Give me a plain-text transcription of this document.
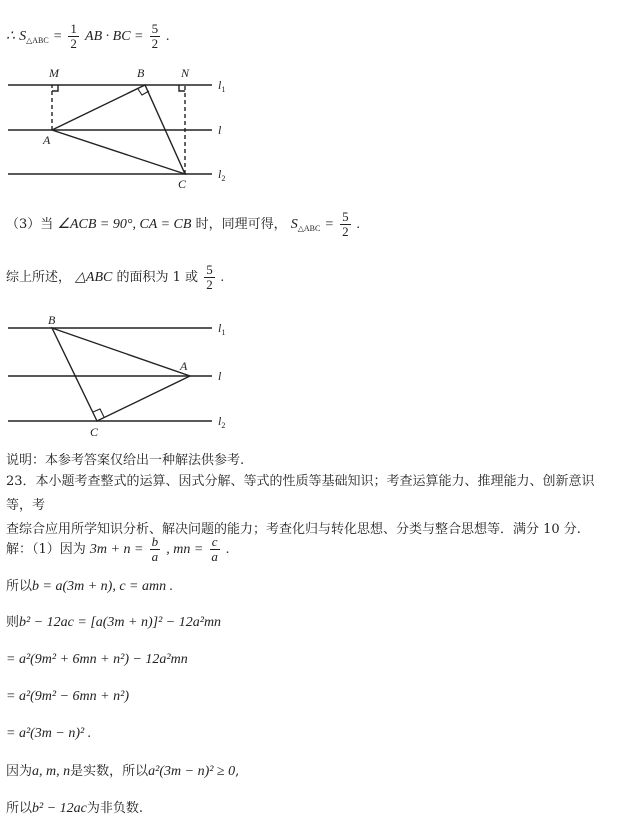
∴ $S_{\triangle ABC} = \frac{1}{2}$ AB · BC = $\frac{5}{2}$ .
M	B	N
A
C
$l_1$
l
$l_2$
（3）当 ∠ACB = 90°, CA = CB 时，同理可得， $S_{\triangle ABC} = \frac{5}{2}$ .
综上所述， △ABC 的面积为 1 或 $\frac{5}{2}$ .
B
A
C
$l_1$
l
$l_2$
说明：本参考答案仅给出一种解法供参考.
23．本小题考查整式的运算、因式分解、等式的性质等基础知识；考查运算能力、推理能力、创新意识等，考
查综合应用所学知识分析、解决问题的能力；考查化归与转化思想、分类与整合思想等．满分 10 分.
解：（1）因为 $3m + n = \frac{b}{a}$ , mn = $\frac{c}{a}$ .
所以b = a(3m + n), c = amn .
则b² − 12ac = [a(3m + n)]² − 12a²mn
= a²(9m² + 6mn + n²) − 12a²mn
= a²(9m² − 6mn + n²)
= a²(3m − n)² .
因为a, m, n是实数，所以a²(3m − n)² ≥ 0,
所以b² − 12ac为非负数.
